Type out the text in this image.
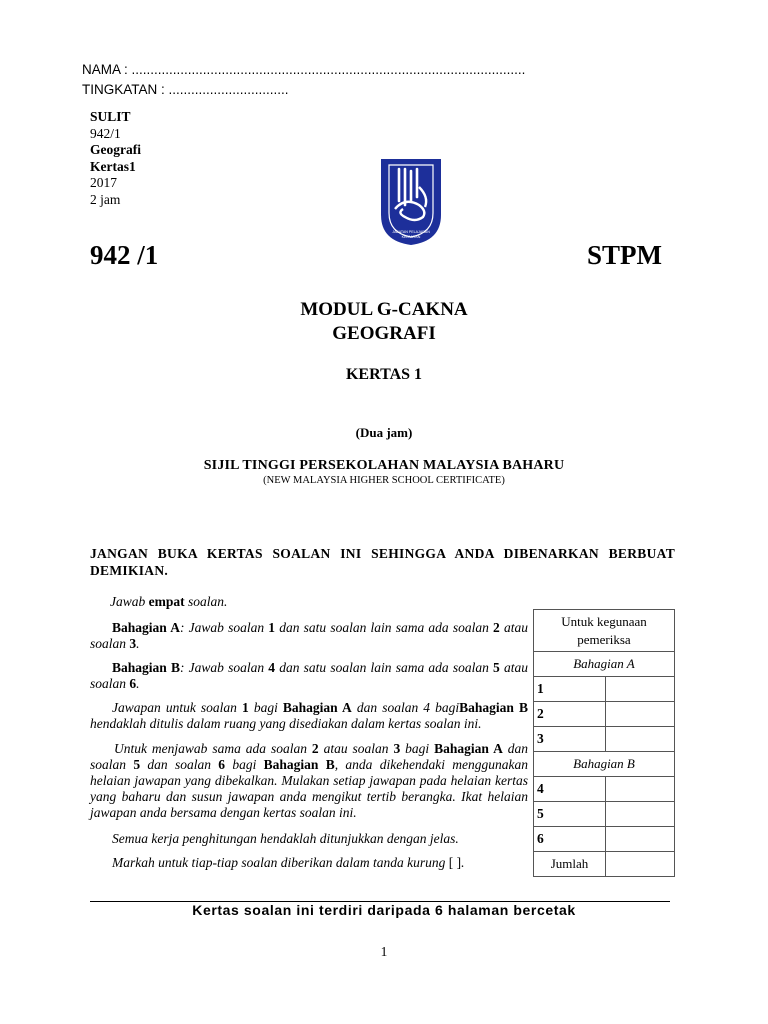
NAMA : .........................................................................................................
TINGKATAN : ................................
SULIT
942/1
Geografi
Kertas1
2017
2 jam
JABATAN PELAJARAN
KELANTAN
942 /1	STPM
MODUL G-CAKNA
GEOGRAFI
KERTAS 1
(Dua jam)
SIJIL TINGGI PERSEKOLAHAN MALAYSIA BAHARU
(NEW MALAYSIA HIGHER SCHOOL CERTIFICATE)
JANGAN BUKA KERTAS SOALAN INI SEHINGGA ANDA DIBENARKAN BERBUAT DEMIKIAN.
Jawab empat soalan.
Bahagian A: Jawab soalan 1 dan satu soalan lain sama ada soalan 2 atau soalan 3.
Bahagian B: Jawab soalan 4 dan satu soalan lain sama ada soalan 5 atau soalan 6.
Jawapan untuk soalan 1 bagi Bahagian A dan soalan 4 bagiBahagian B hendaklah ditulis dalam ruang yang disediakan dalam kertas soalan ini.
Untuk menjawab sama ada soalan 2 atau soalan 3 bagi Bahagian A dan soalan 5 dan soalan 6 bagi Bahagian B, anda dikehendaki menggunakan helaian jawapan yang dibekalkan. Mulakan setiap jawapan pada helaian kertas yang baharu dan susun jawapan anda mengikut tertib berangka. Ikat helaian jawapan anda bersama dengan kertas soalan ini.
Semua kerja penghitungan hendaklah ditunjukkan dengan jelas.
Markah untuk tiap-tiap soalan diberikan dalam tanda kurung [ ].
Untuk kegunaan pemeriksa	
Bahagian A	
1	
2	
3	
Bahagian B	
4	
5	
6	
Jumlah	
Kertas soalan ini terdiri daripada 6 halaman bercetak
1
